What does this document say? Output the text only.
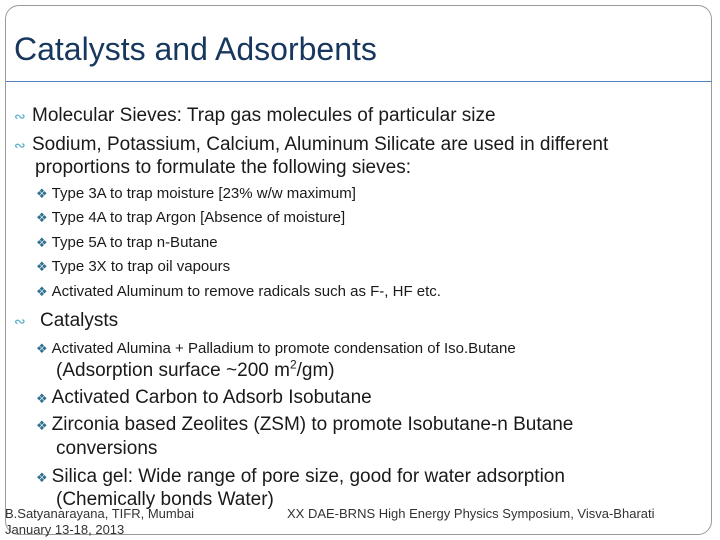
Catalysts and Adsorbents
∾ Molecular Sieves: Trap gas molecules of particular size
∾ Sodium, Potassium, Calcium, Aluminum Silicate are used in different
proportions to formulate the following sieves:
❖ Type 3A to trap moisture [23% w/w maximum]
❖ Type 4A to trap Argon [Absence of moisture]
❖ Type 5A to trap n-Butane
❖ Type 3X to trap oil vapours
❖ Activated Aluminum to remove radicals such as F-, HF etc.
∾ Catalysts
❖ Activated Alumina + Palladium to promote condensation of Iso.Butane
(Adsorption surface ~200 $m^2/gm$)
❖ Activated Carbon to Adsorb Isobutane
❖ Zirconia based Zeolites (ZSM) to promote Isobutane-n Butane
conversions
❖ Silica gel: Wide range of pore size, good for water adsorption
(Chemically bonds Water)
B.Satyanarayana, TIFR, Mumbai
January 13-18, 2013
XX DAE-BRNS High Energy Physics Symposium, Visva-Bharati
